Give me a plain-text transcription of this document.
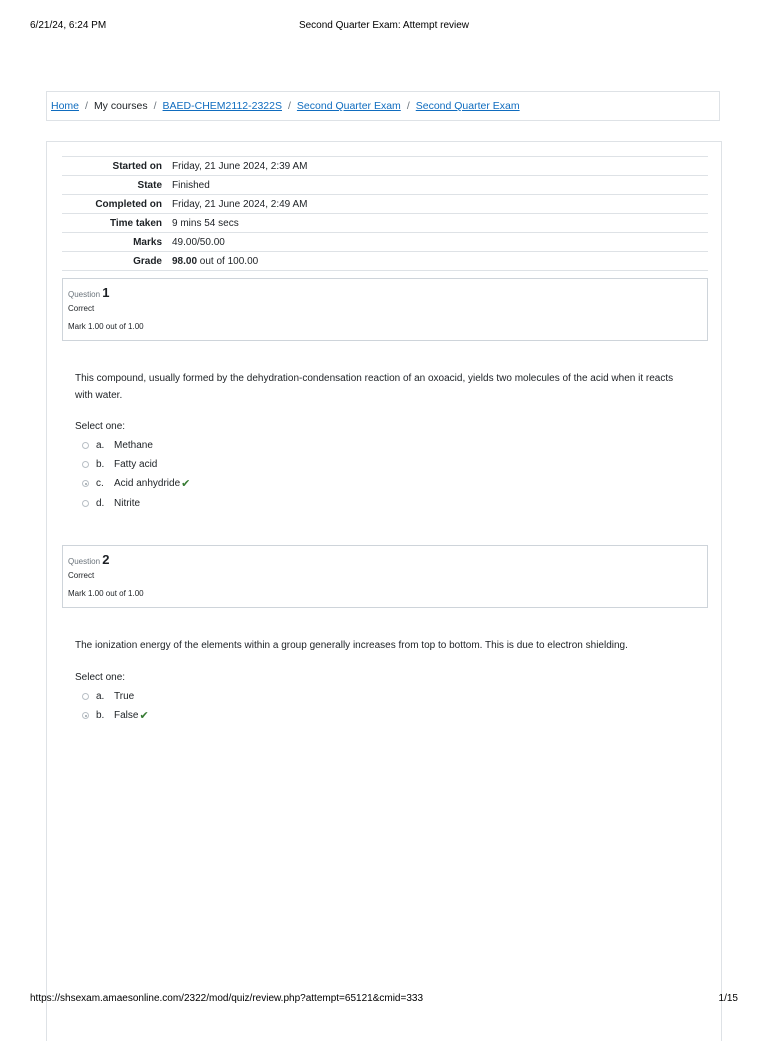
6/21/24, 6:24 PM	Second Quarter Exam: Attempt review
Home / My courses / BAED-CHEM2112-2322S / Second Quarter Exam / Second Quarter Exam
Started on	Friday, 21 June 2024, 2:39 AM
State	Finished
Completed on	Friday, 21 June 2024, 2:49 AM
Time taken	9 mins 54 secs
Marks	49.00/50.00
Grade	98.00 out of 100.00
Question 1
Correct
Mark 1.00 out of 1.00
This compound, usually formed by the dehydration-condensation reaction of an oxoacid, yields two molecules of the acid when it reacts with water.
Select one:
a. Methane
b. Fatty acid
c.	Acid anhydride ✔
d. Nitrite
Question 2
Correct
Mark 1.00 out of 1.00
The ionization energy of the elements within a group generally increases from top to bottom. This is due to electron shielding.
Select one:
a. True
b. False ✔
https://shsexam.amaesonline.com/2322/mod/quiz/review.php?attempt=65121&cmid=333	1/15
